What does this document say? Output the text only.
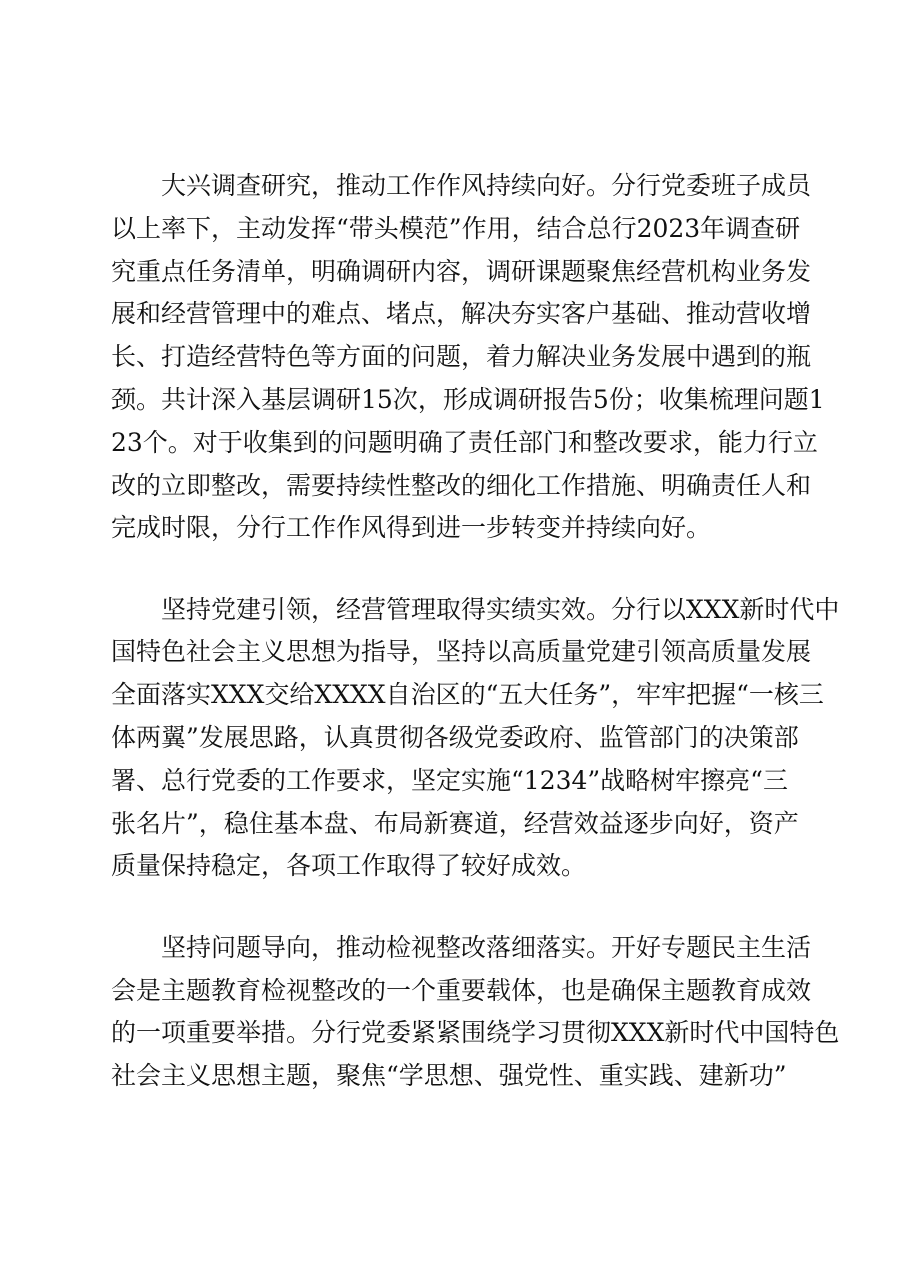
大兴调查研究，推动工作作风持续向好。分行党委班子成员
以上率下，主动发挥“带头模范”作用，结合总行2023年调查研
究重点任务清单，明确调研内容，调研课题聚焦经营机构业务发
展和经营管理中的难点、堵点，解决夯实客户基础、推动营收增
长、打造经营特色等方面的问题，着力解决业务发展中遇到的瓶
颈。共计深入基层调研15次，形成调研报告5份；收集梳理问题1
23个。对于收集到的问题明确了责任部门和整改要求，能力行立
改的立即整改，需要持续性整改的细化工作措施、明确责任人和
完成时限，分行工作作风得到进一步转变并持续向好。
坚持党建引领，经营管理取得实绩实效。分行以XXX新时代中
国特色社会主义思想为指导，坚持以高质量党建引领高质量发展
全面落实XXX交给XXXX自治区的“五大任务”，牢牢把握“一核三
体两翼”发展思路，认真贯彻各级党委政府、监管部门的决策部
署、总行党委的工作要求，坚定实施“1234”战略树牢擦亮“三
张名片”，稳住基本盘、布局新赛道，经营效益逐步向好，资产
质量保持稳定，各项工作取得了较好成效。
坚持问题导向，推动检视整改落细落实。开好专题民主生活
会是主题教育检视整改的一个重要载体，也是确保主题教育成效
的一项重要举措。分行党委紧紧围绕学习贯彻XXX新时代中国特色
社会主义思想主题，聚焦“学思想、强党性、重实践、建新功”
